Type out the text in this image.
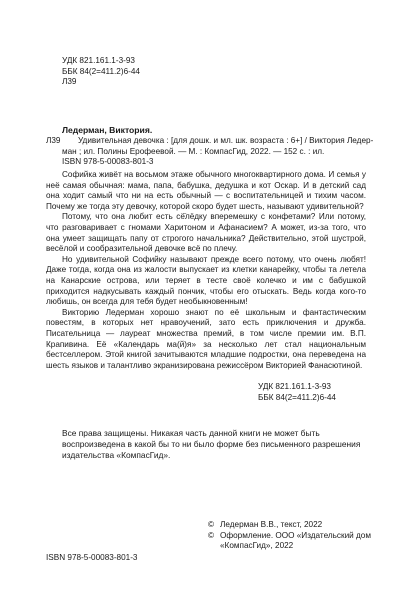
УДК 821.161.1-3-93
ББК 84(2=411.2)6-44
Л39
Ледерман, Виктория.
Л39	Удивительная девочка : [для дошк. и мл. шк. возраста : 6+] / Виктория Ледер-
ман ; ил. Полины Ерофеевой. — М. : КомпасГид, 2022. — 152 с. : ил.
ISBN 978-5-00083-801-3

Софийка живёт на восьмом этаже обычного многоквартирного дома. И семья у неё самая обычная: мама, папа, бабушка, дедушка и кот Оскар. И в детский сад она ходит самый что ни на есть обычный — с воспитательницей и тихим часом. Почему же тогда эту девочку, которой скоро будет шесть, называют удивительной?

Потому, что она любит есть сё̈лёдку вперемешку с конфетами? Или потому, что разговаривает с гномами Харитоном и Афанасием? А может, из-за того, что она умеет защищать папу от строгого начальника? Действительно, этой шустрой, весёлой и сообразительной девочке всё по плечу.

Но удивительной Софийку называют прежде всего потому, что очень любят! Даже тогда, когда она из жалости выпускает из клетки канарейку, чтобы та летела на Канарские острова, или теряет в тесте своё колечко и им с бабушкой приходится надкусывать каждый пончик, чтобы его отыскать. Ведь когда кого-то любишь, он всегда для тебя будет необыкновенным!

Викторию Ледерман хорошо знают по её школьным и фантастическим повестям, в которых нет нравоучений, зато есть приключения и дружба. Писательница — лауреат множества премий, в том числе премии им. В.П. Крапивина. Её «Календарь ма(й)я» за несколько лет стал национальным бестселлером. Этой книгой зачитываются младшие подростки, она переведена на шесть языков и талантливо экранизирована режиссёром Викторией Фанасютиной.

УДК 821.161.1-3-93
ББК 84(2=411.2)6-44
Все права защищены. Никакая часть данной книги не может быть воспроизведена в какой бы то ни было форме без письменного разрешения издательства «КомпасГид».
© Ледерман В.В., текст, 2022
© Оформление. ООО «Издательский дом «КомпасГид», 2022
ISBN 978-5-00083-801-3
